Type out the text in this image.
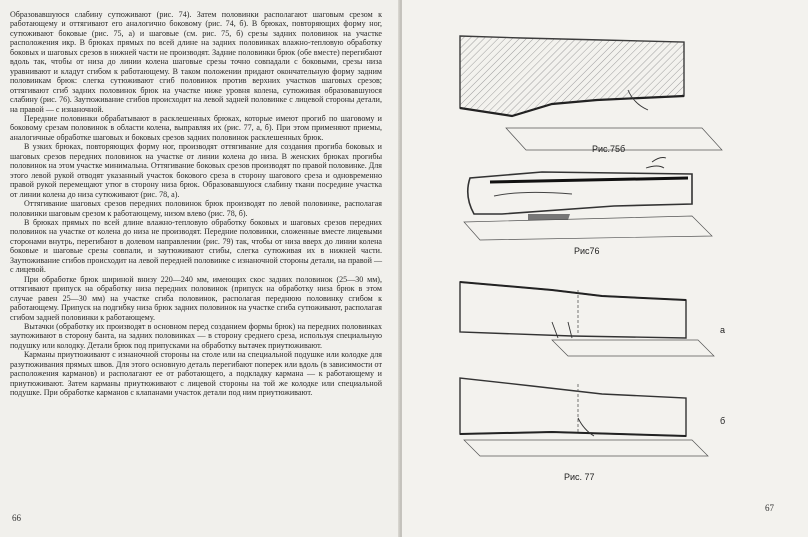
Образовавшуюся слабину сутюживают (рис. 74). Затем половинки располагают шаговым срезом к работающему и оттягивают его аналогично боковому (рис. 74, б). В брюках, повторяющих форму ног, сутюживают боковые (рис. 75, а) и шаговые (см. рис. 75, б) срезы задних половинок на участке расположения икр. В брюках прямых по всей длине на задних половинках влажно-тепловую обработку боковых и шаговых срезов в нижней части не производят. Задние половинки брюк (обе вместе) перегибают вдоль так, чтобы от низа до линии колена шаговые срезы точно совпадали с боковыми, срезы низа уравнивают и кладут сгибом к работающему. В таком положении придают окончательную форму задним половинкам брюк: слегка сутюживают сгиб половинок против верхних участков шаговых срезов; оттягивают сгиб задних половинок брюк на участке ниже уровня колена, сутюживая образовавшуюся слабину (рис. 76). Заутюживание сгибов происходит на левой задней половинке с лицевой стороны детали, на правой — с изнаночной.

Передние половинки обрабатывают в расклешенных брюках, которые имеют прогиб по шаговому и боковому срезам половинок в области колена, выправляя их (рис. 77, а, б). При этом применяют приемы, аналогичные обработке шаговых и боковых срезов задних половинок расклешенных брюк.

В узких брюках, повторяющих форму ног, производят оттягивание для создания прогиба боковых и шаговых срезов передних половинок на участке от линии колена до низа. В женских брюках прогибы половинок на этом участке минимальна. Оттягивание боковых срезов производят по правой половинке. Для этого левой рукой отводят указанный участок бокового среза в сторону шагового среза и одновременно правой рукой перемещают утюг в сторону низа брюк. Образовавшуюся слабину ткани посредине участка от линии колена до низа сутюживают (рис. 78, а).

Оттягивание шаговых срезов передних половинок брюк производят по левой половинке, располагая половинки шаговым срезом к работающему, низом влево (рис. 78, б).

В брюках прямых по всей длине влажно-тепловую обработку боковых и шаговых срезов передних половинок на участке от колена до низа не производят. Передние половинки, сложенные вместе лицевыми сторонами внутрь, перегибают в долевом направлении (рис. 79) так, чтобы от низа вверх до линии колена боковые и шаговые срезы совпали, и заутюживают сгибы, слегка сутюживая их в нижней части. Заутюживание сгибов происходит на левой передней половинке с изнаночной стороны детали, на правой — с лицевой.

При обработке брюк шириной внизу 220—240 мм, имеющих скос задних половинок (25—30 мм), оттягивают припуск на обработку низа передних половинок (припуск на обработку низа брюк в этом случае равен 25—30 мм) на участке сгиба половинок, располагая переднюю половинку сгибом к работающему. Припуск на подгибку низа брюк задних половинок на участке сгиба сутюживают, располагая сгибом задней половинки к работающему.

Вытачки (обработку их производят в основном перед созданием формы брюк) на передних половинках заутюживают в сторону банта, на задних половинках — в сторону среднего среза, используя специальную подушку или колодку. Детали брюк под припусками на обработку вытачек приутюживают.

Карманы приутюживают с изнаночной стороны на столе или на специальной подушке или колодке для разутюживания прямых швов. Для этого основную деталь перегибают поперек или вдоль (в зависимости от расположения карманов) и располагают ее от работающего, а подкладку кармана — к работающему и приутюживают. Затем карманы приутюживают с лицевой стороны на той же колодке или специальной подушке. При обработке карманов с клапанами участок детали под ним приутюживают.

66
а
б
Рис.75б
Рис76
Рис. 77
67
